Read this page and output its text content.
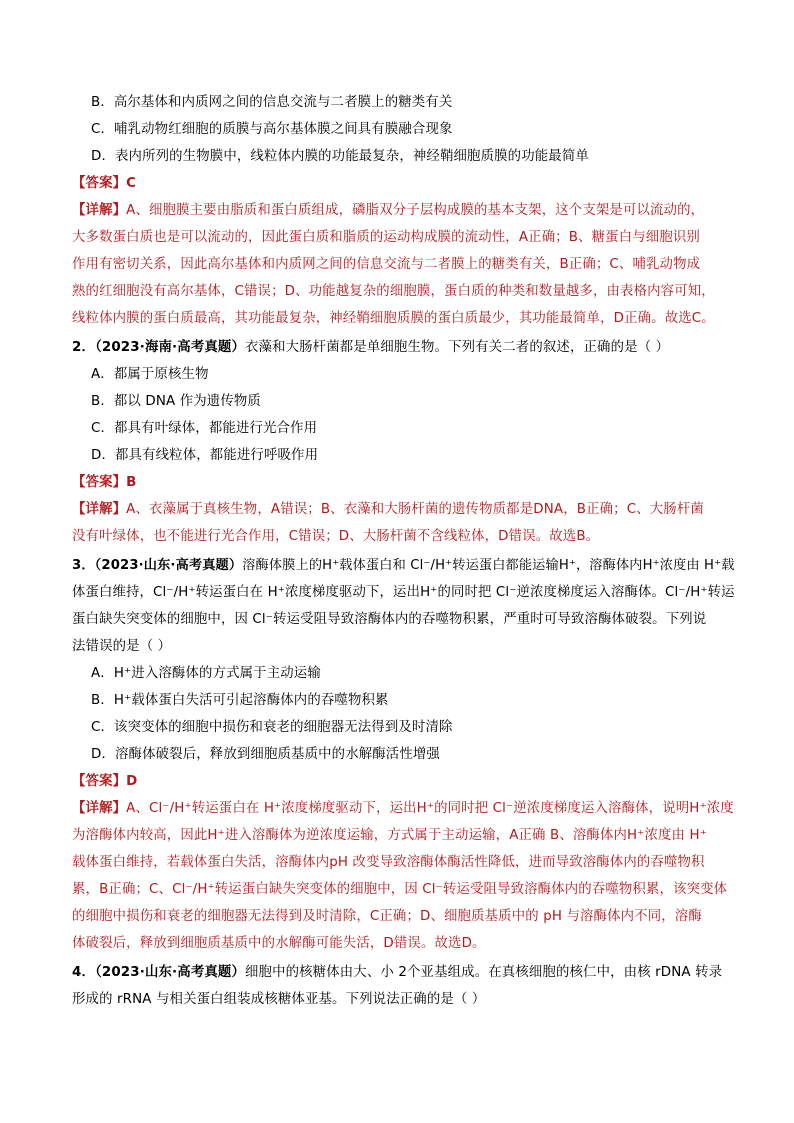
B．高尔基体和内质网之间的信息交流与二者膜上的糖类有关
C．哺乳动物红细胞的质膜与高尔基体膜之间具有膜融合现象
D．表内所列的生物膜中，线粒体内膜的功能最复杂，神经鞘细胞质膜的功能最简单
【答案】C
【详解】A、细胞膜主要由脂质和蛋白质组成，磷脂双分子层构成膜的基本支架，这个支架是可以流动的，
大多数蛋白质也是可以流动的，因此蛋白质和脂质的运动构成膜的流动性，A正确；B、糖蛋白与细胞识别
作用有密切关系，因此高尔基体和内质网之间的信息交流与二者膜上的糖类有关，B正确；C、哺乳动物成
熟的红细胞没有高尔基体，C错误；D、功能越复杂的细胞膜，蛋白质的种类和数量越多，由表格内容可知，
线粒体内膜的蛋白质最高，其功能最复杂，神经鞘细胞质膜的蛋白质最少，其功能最简单，D正确。故选C。
2．（2023·海南·高考真题）衣藻和大肠杆菌都是单细胞生物。下列有关二者的叙述，正确的是（ ）
A．都属于原核生物
B．都以 DNA 作为遗传物质
C．都具有叶绿体，都能进行光合作用
D．都具有线粒体，都能进行呼吸作用
【答案】B
【详解】A、衣藻属于真核生物，A错误；B、衣藻和大肠杆菌的遗传物质都是DNA，B正确；C、大肠杆菌
没有叶绿体，也不能进行光合作用，C错误；D、大肠杆菌不含线粒体，D错误。故选B。
3．（2023·山东·高考真题）溶酶体膜上的H⁺载体蛋白和 Cl⁻/H⁺转运蛋白都能运输H⁺，溶酶体内H⁺浓度由 H⁺载
体蛋白维持，Cl⁻/H⁺转运蛋白在 H⁺浓度梯度驱动下，运出H⁺的同时把 Cl⁻逆浓度梯度运入溶酶体。Cl⁻/H⁺转运
蛋白缺失突变体的细胞中，因 Cl⁻转运受阻导致溶酶体内的吞噬物积累，严重时可导致溶酶体破裂。下列说
法错误的是（ ）
A．H⁺进入溶酶体的方式属于主动运输
B．H⁺载体蛋白失活可引起溶酶体内的吞噬物积累
C．该突变体的细胞中损伤和衰老的细胞器无法得到及时清除
D．溶酶体破裂后，释放到细胞质基质中的水解酶活性增强
【答案】D
【详解】A、Cl⁻/H⁺转运蛋白在 H⁺浓度梯度驱动下，运出H⁺的同时把 Cl⁻逆浓度梯度运入溶酶体，说明H⁺浓度
为溶酶体内较高，因此H⁺进入溶酶体为逆浓度运输，方式属于主动运输，A正确 B、溶酶体内H⁺浓度由 H⁺
载体蛋白维持，若载体蛋白失活，溶酶体内pH 改变导致溶酶体酶活性降低，进而导致溶酶体内的吞噬物积
累，B正确；C、Cl⁻/H⁺转运蛋白缺失突变体的细胞中，因 Cl⁻转运受阻导致溶酶体内的吞噬物积累，该突变体
的细胞中损伤和衰老的细胞器无法得到及时清除，C正确；D、细胞质基质中的 pH 与溶酶体内不同，溶酶
体破裂后，释放到细胞质基质中的水解酶可能失活，D错误。故选D。
4．（2023·山东·高考真题）细胞中的核糖体由大、小 2个亚基组成。在真核细胞的核仁中，由核 rDNA 转录
形成的 rRNA 与相关蛋白组装成核糖体亚基。下列说法正确的是（ ）
